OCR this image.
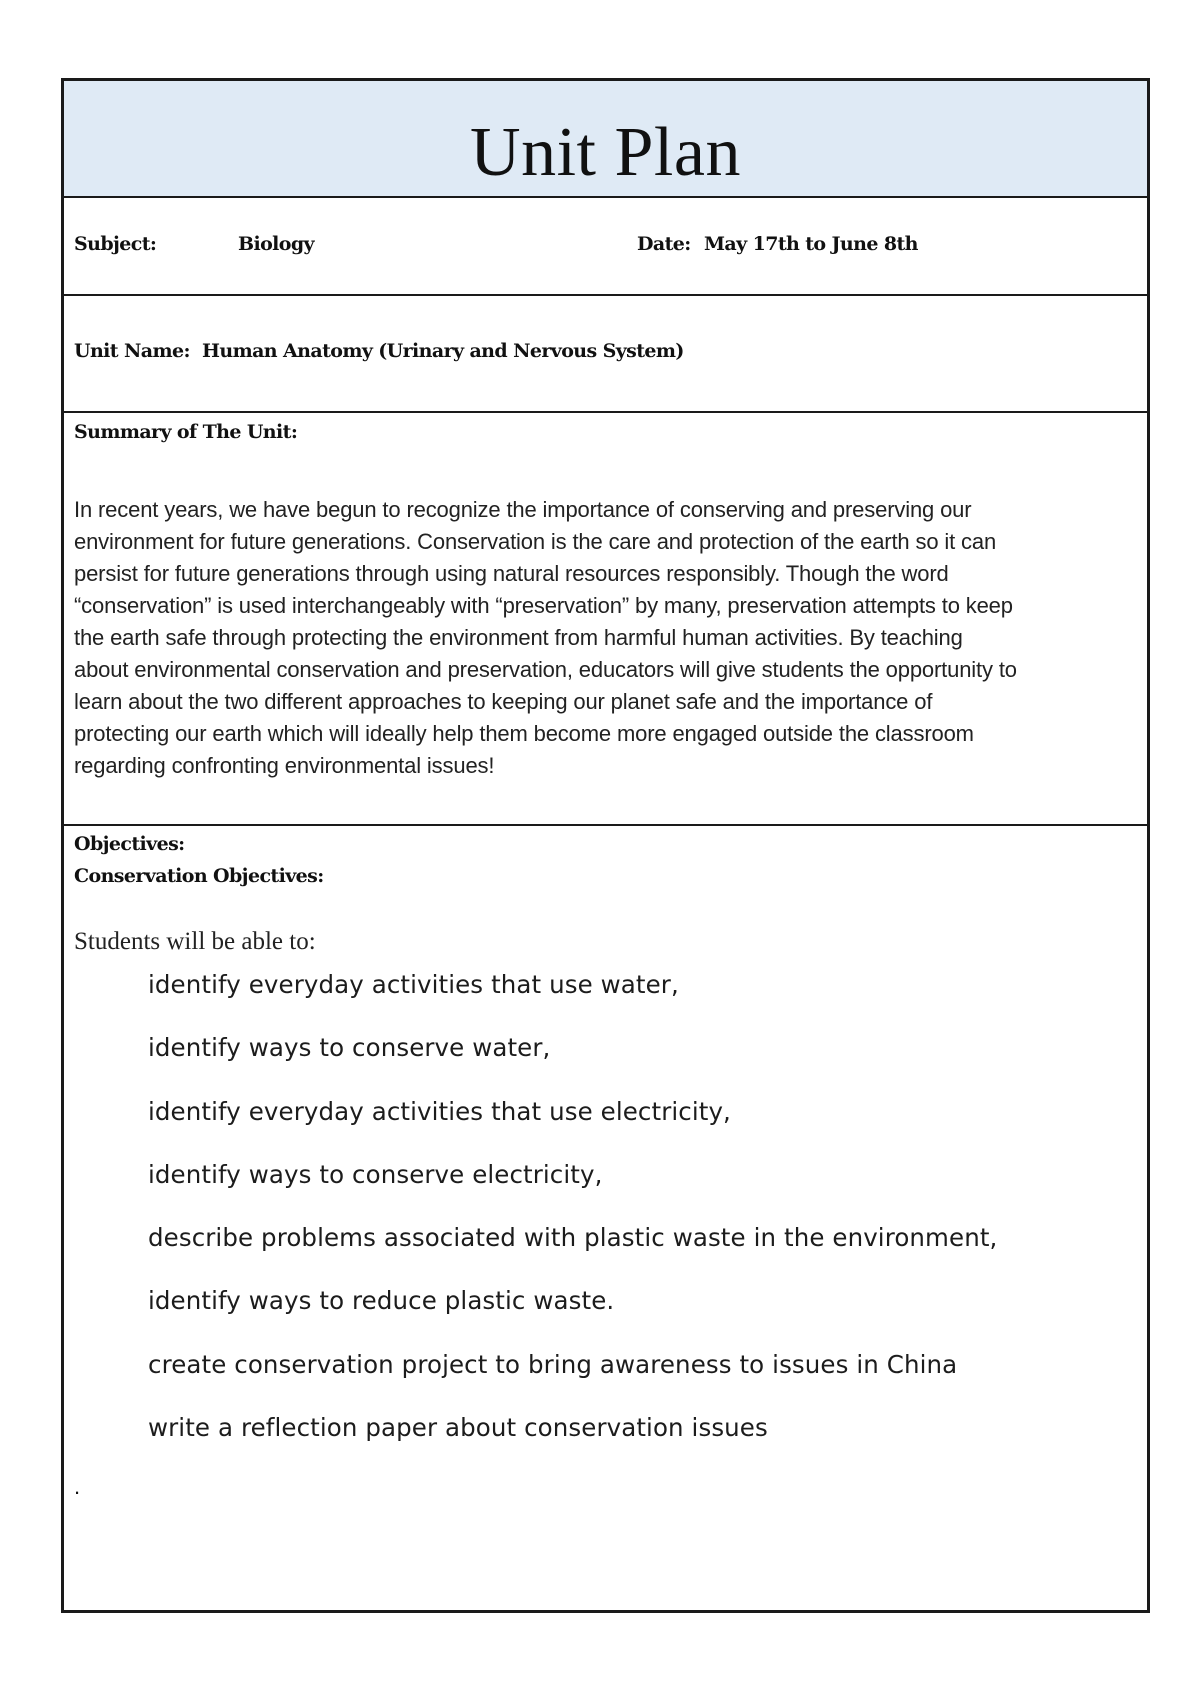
Unit Plan
Subject:	Biology	Date: May 17th to June 8th
Unit Name: Human Anatomy (Urinary and Nervous System)
Summary of The Unit:
In recent years, we have begun to recognize the importance of conserving and preserving our
environment for future generations. Conservation is the care and protection of the earth so it can
persist for future generations through using natural resources responsibly. Though the word
“conservation” is used interchangeably with “preservation” by many, preservation attempts to keep
the earth safe through protecting the environment from harmful human activities. By teaching
about environmental conservation and preservation, educators will give students the opportunity to
learn about the two different approaches to keeping our planet safe and the importance of
protecting our earth which will ideally help them become more engaged outside the classroom
regarding confronting environmental issues!
Objectives:
Conservation Objectives:
Students will be able to:
identify everyday activities that use water,
identify ways to conserve water,
identify everyday activities that use electricity,
identify ways to conserve electricity,
describe problems associated with plastic waste in the environment,
identify ways to reduce plastic waste.
create conservation project to bring awareness to issues in China
write a reflection paper about conservation issues
.
